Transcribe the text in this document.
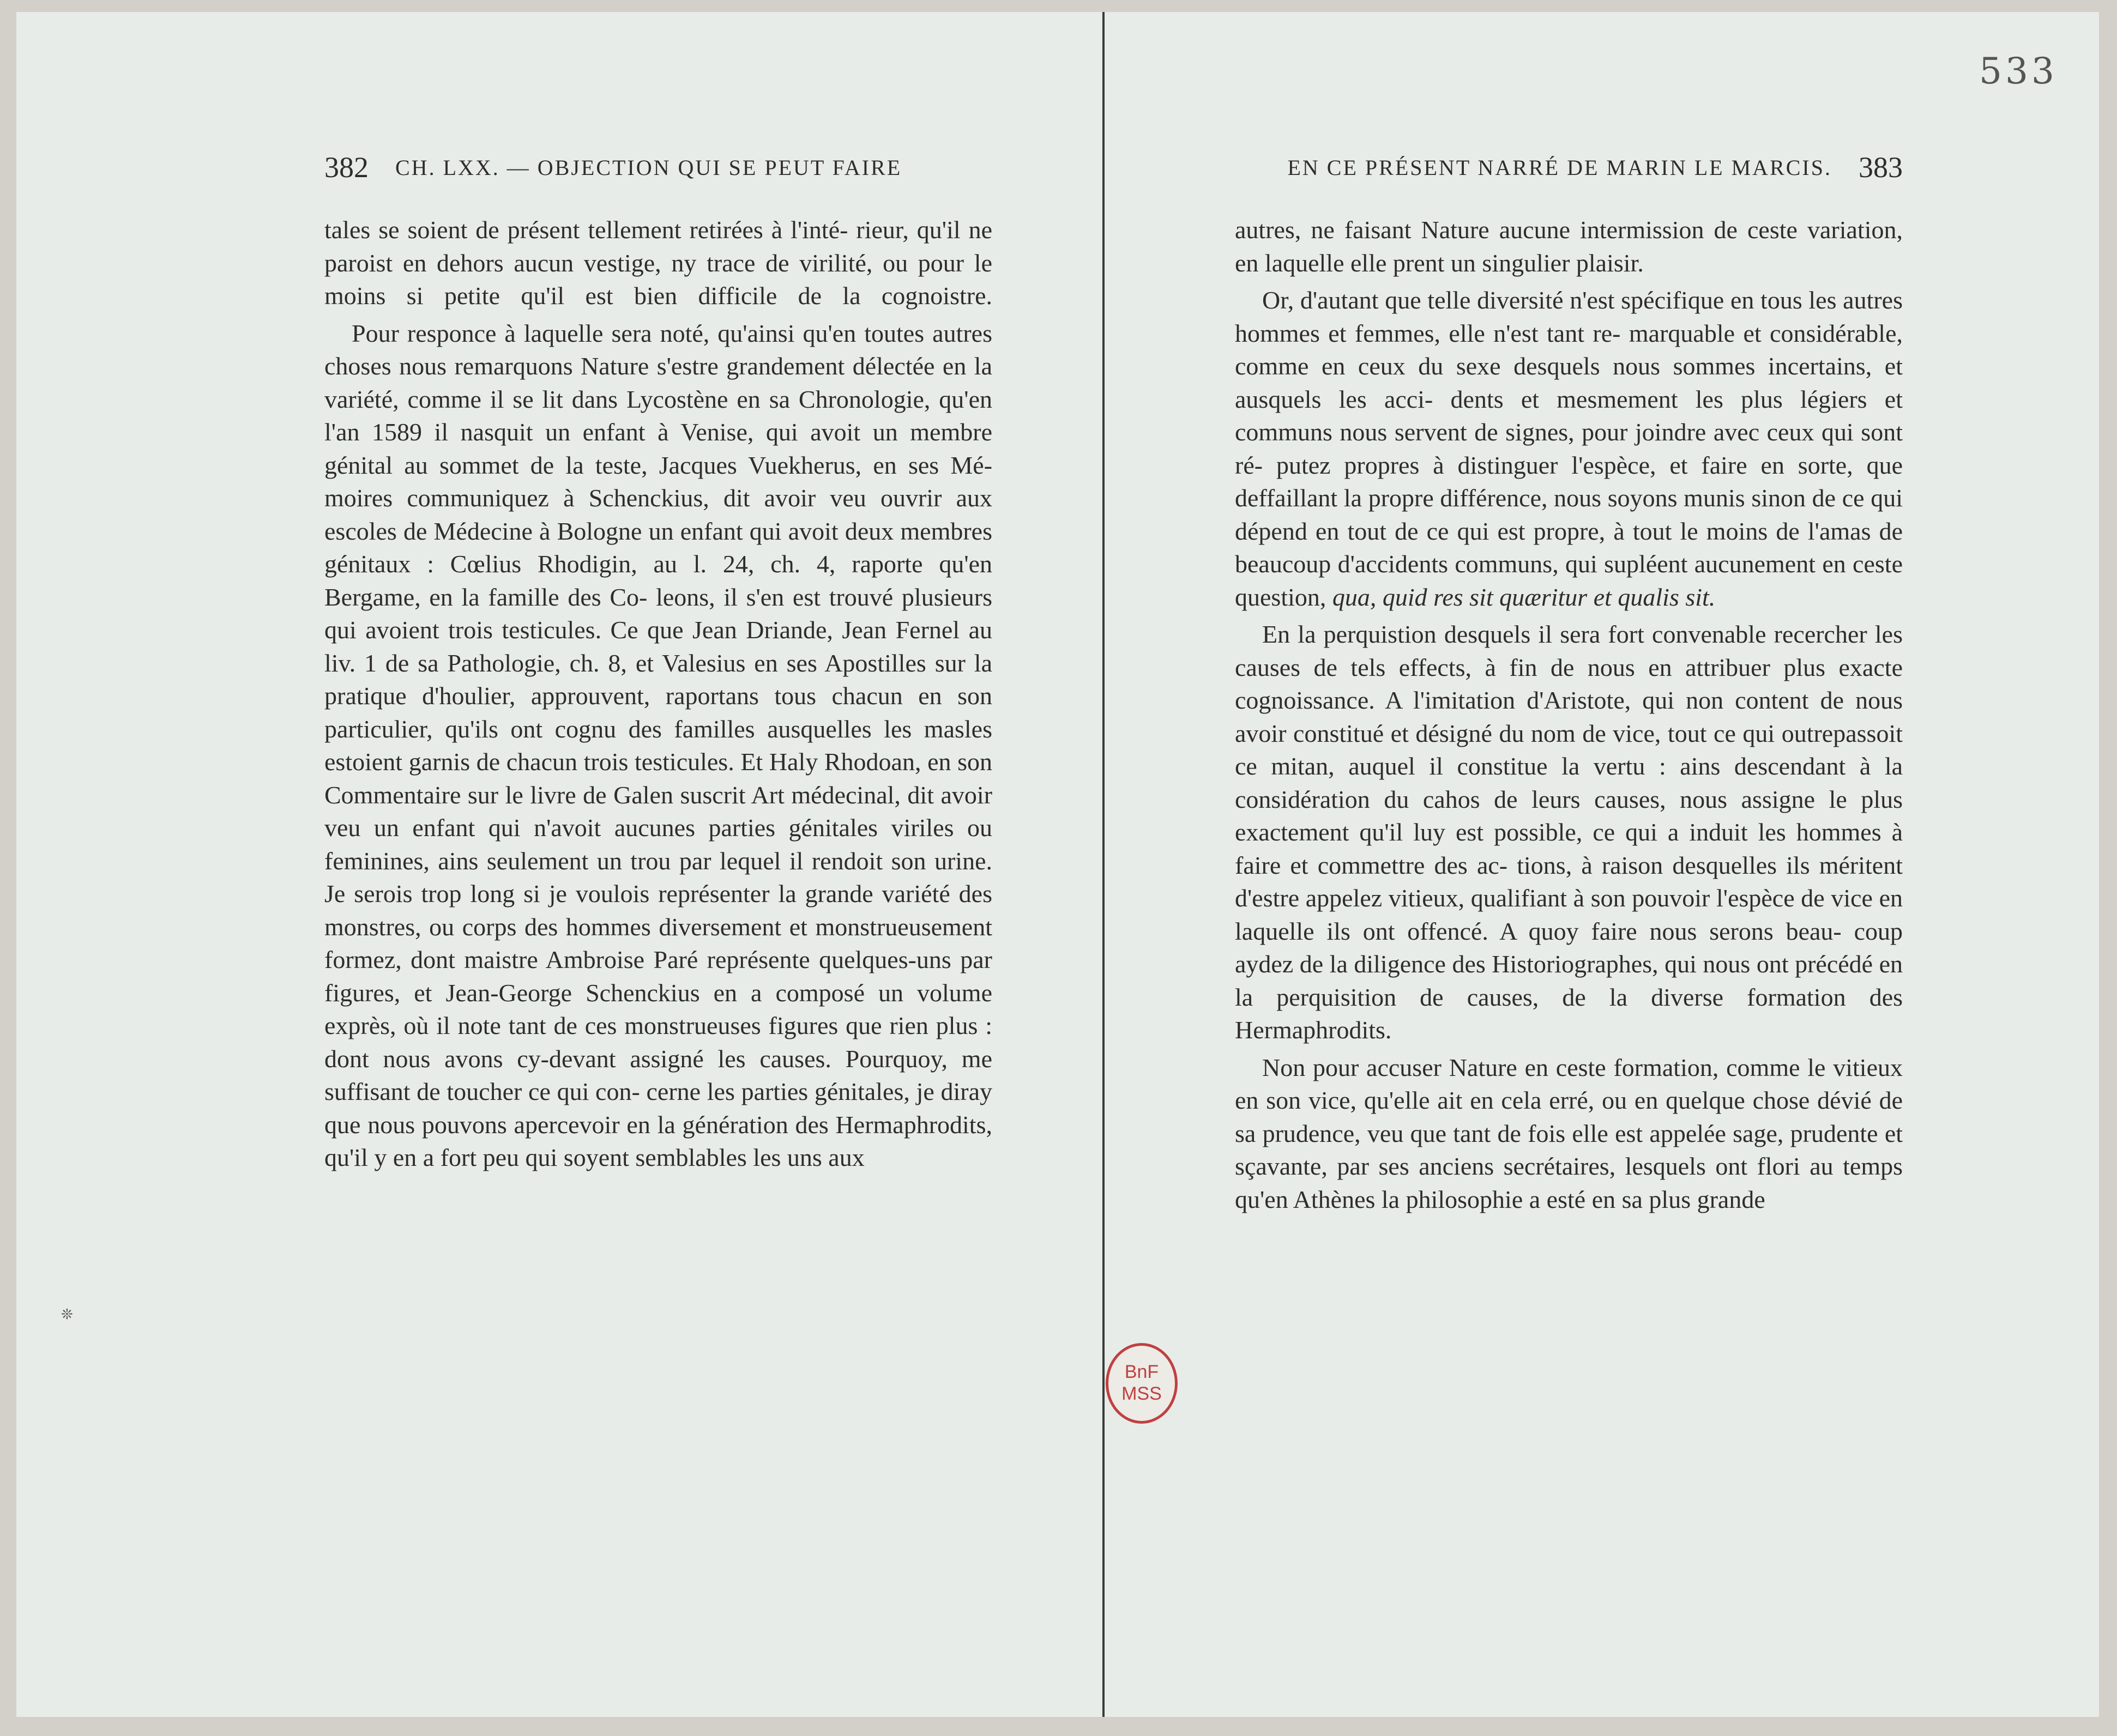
533
❊
382 CH. LXX. — OBJECTION QUI SE PEUT FAIRE

tales se soient de présent tellement retirées à l'inté- rieur, qu'il ne paroist en dehors aucun vestige, ny trace de virilité, ou pour le moins si petite qu'il est bien difficile de la cognoistre.

Pour responce à laquelle sera noté, qu'ainsi qu'en toutes autres choses nous remarquons Nature s'estre grandement délectée en la variété, comme il se lit dans Lycostène en sa Chronologie, qu'en l'an 1589 il nasquit un enfant à Venise, qui avoit un membre génital au sommet de la teste, Jacques Vuekherus, en ses Mé- moires communiquez à Schenckius, dit avoir veu ouvrir aux escoles de Médecine à Bologne un enfant qui avoit deux membres génitaux : Cœlius Rhodigin, au l. 24, ch. 4, raporte qu'en Bergame, en la famille des Co- leons, il s'en est trouvé plusieurs qui avoient trois testicules. Ce que Jean Driande, Jean Fernel au liv. 1 de sa Pathologie, ch. 8, et Valesius en ses Apostilles sur la pratique d'houlier, approuvent, raportans tous chacun en son particulier, qu'ils ont cognu des familles ausquelles les masles estoient garnis de chacun trois testicules. Et Haly Rhodoan, en son Commentaire sur le livre de Galen suscrit Art médecinal, dit avoir veu un enfant qui n'avoit aucunes parties génitales viriles ou feminines, ains seulement un trou par lequel il rendoit son urine. Je serois trop long si je voulois représenter la grande variété des monstres, ou corps des hommes diversement et monstrueusement formez, dont maistre Ambroise Paré représente quelques-uns par figures, et Jean-George Schenckius en a composé un volume exprès, où il note tant de ces monstrueuses figures que rien plus : dont nous avons cy-devant assigné les causes. Pourquoy, me suffisant de toucher ce qui con- cerne les parties génitales, je diray que nous pouvons apercevoir en la génération des Hermaphrodits, qu'il y en a fort peu qui soyent semblables les uns aux

EN CE PRÉSENT NARRÉ DE MARIN LE MARCIS. 383

autres, ne faisant Nature aucune intermission de ceste variation, en laquelle elle prent un singulier plaisir.

Or, d'autant que telle diversité n'est spécifique en tous les autres hommes et femmes, elle n'est tant re- marquable et considérable, comme en ceux du sexe desquels nous sommes incertains, et ausquels les acci- dents et mesmement les plus légiers et communs nous servent de signes, pour joindre avec ceux qui sont ré- putez propres à distinguer l'espèce, et faire en sorte, que deffaillant la propre différence, nous soyons munis sinon de ce qui dépend en tout de ce qui est propre, à tout le moins de l'amas de beaucoup d'accidents communs, qui supléent aucunement en ceste question, qua, quid res sit quæritur et qualis sit.

En la perquistion desquels il sera fort convenable recercher les causes de tels effects, à fin de nous en attribuer plus exacte cognoissance. A l'imitation d'Aristote, qui non content de nous avoir constitué et désigné du nom de vice, tout ce qui outrepassoit ce mitan, auquel il constitue la vertu : ains descendant à la considération du cahos de leurs causes, nous assigne le plus exactement qu'il luy est possible, ce qui a induit les hommes à faire et commettre des ac- tions, à raison desquelles ils méritent d'estre appelez vitieux, qualifiant à son pouvoir l'espèce de vice en laquelle ils ont offencé. A quoy faire nous serons beau- coup aydez de la diligence des Historiographes, qui nous ont précédé en la perquisition de causes, de la diverse formation des Hermaphrodits.

Non pour accuser Nature en ceste formation, comme le vitieux en son vice, qu'elle ait en cela erré, ou en quelque chose dévié de sa prudence, veu que tant de fois elle est appelée sage, prudente et sçavante, par ses anciens secrétaires, lesquels ont flori au temps qu'en Athènes la philosophie a esté en sa plus grande

BnF
MSS
